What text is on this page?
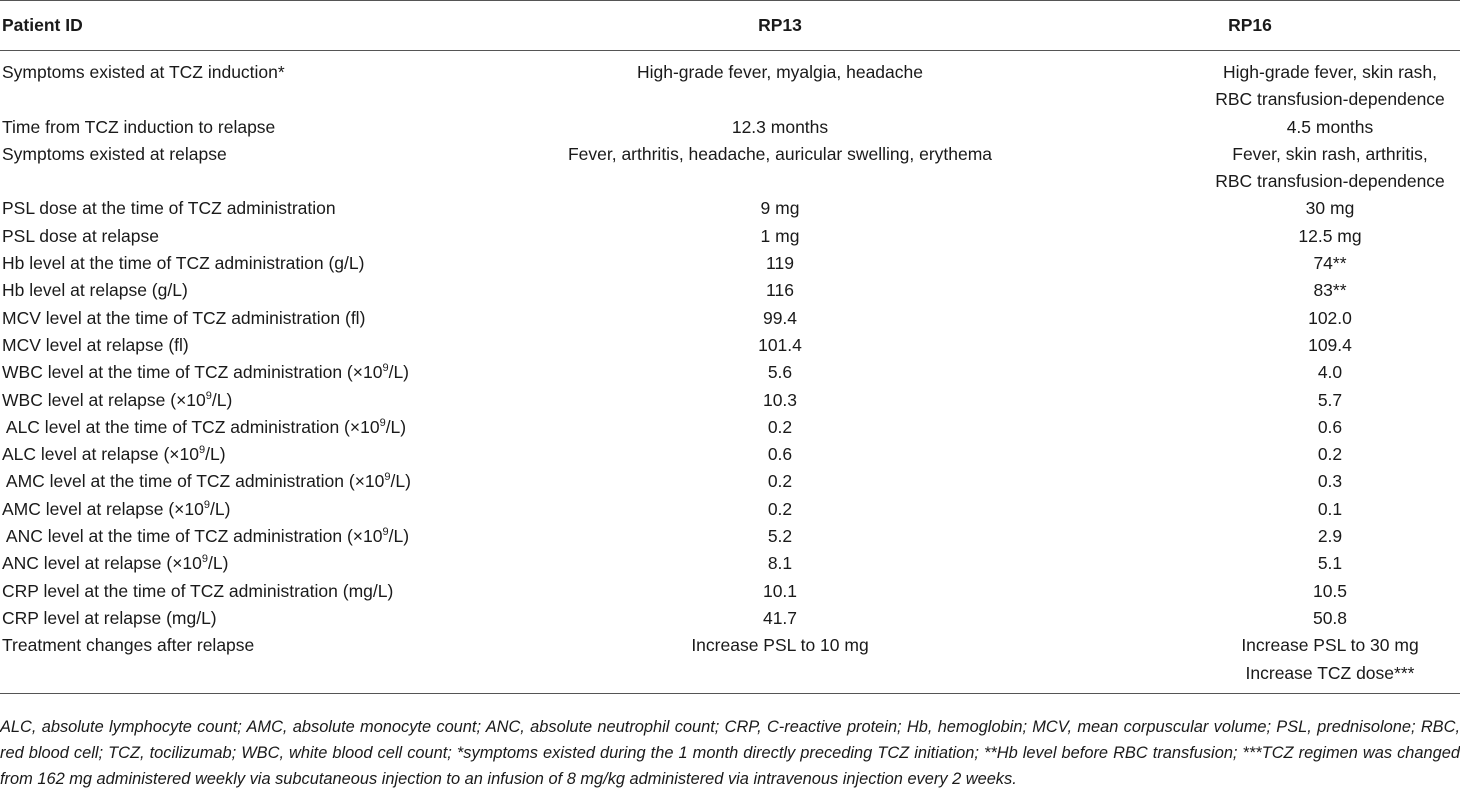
Patient ID	RP13	RP16
Symptoms existed at TCZ induction*	High-grade fever, myalgia, headache	High-grade fever, skin rash,
RBC transfusion-dependence

Time from TCZ induction to relapse	12.3 months	4.5 months

Symptoms existed at relapse	Fever, arthritis, headache, auricular swelling, erythema	Fever, skin rash, arthritis,
RBC transfusion-dependence

PSL dose at the time of TCZ administration	9 mg	30 mg

PSL dose at relapse	1 mg	12.5 mg

Hb level at the time of TCZ administration (g/L)	119	74**

Hb level at relapse (g/L)	116	83**

MCV level at the time of TCZ administration (fl)	99.4	102.0

MCV level at relapse (fl)	101.4	109.4

WBC level at the time of TCZ administration $(\times 10^9/L)$	5.6	4.0

WBC level at relapse $(\times 10^9/L)$	10.3	5.7

ALC level at the time of TCZ administration $(\times 10^9/L)$	0.2	0.6

ALC level at relapse $(\times 10^9/L)$	0.6	0.2

AMC level at the time of TCZ administration $(\times 10^9/L)$	0.2	0.3

AMC level at relapse $(\times 10^9/L)$	0.2	0.1

ANC level at the time of TCZ administration $(\times 10^9/L)$	5.2	2.9

ANC level at relapse $(\times 10^9/L)$	8.1	5.1

CRP level at the time of TCZ administration (mg/L)	10.1	10.5

CRP level at relapse (mg/L)	41.7	50.8

Treatment changes after relapse	Increase PSL to 10 mg	Increase PSL to 30 mg
Increase TCZ dose***
ALC, absolute lymphocyte count; AMC, absolute monocyte count; ANC, absolute neutrophil count; CRP, C-reactive protein; Hb, hemoglobin; MCV, mean corpuscular volume; PSL, prednisolone; RBC, red blood cell; TCZ, tocilizumab; WBC, white blood cell count; *symptoms existed during the 1 month directly preceding TCZ initiation; **Hb level before RBC transfusion; ***TCZ regimen was changed from 162 mg administered weekly via subcutaneous injection to an infusion of 8 mg/kg administered via intravenous injection every 2 weeks.
